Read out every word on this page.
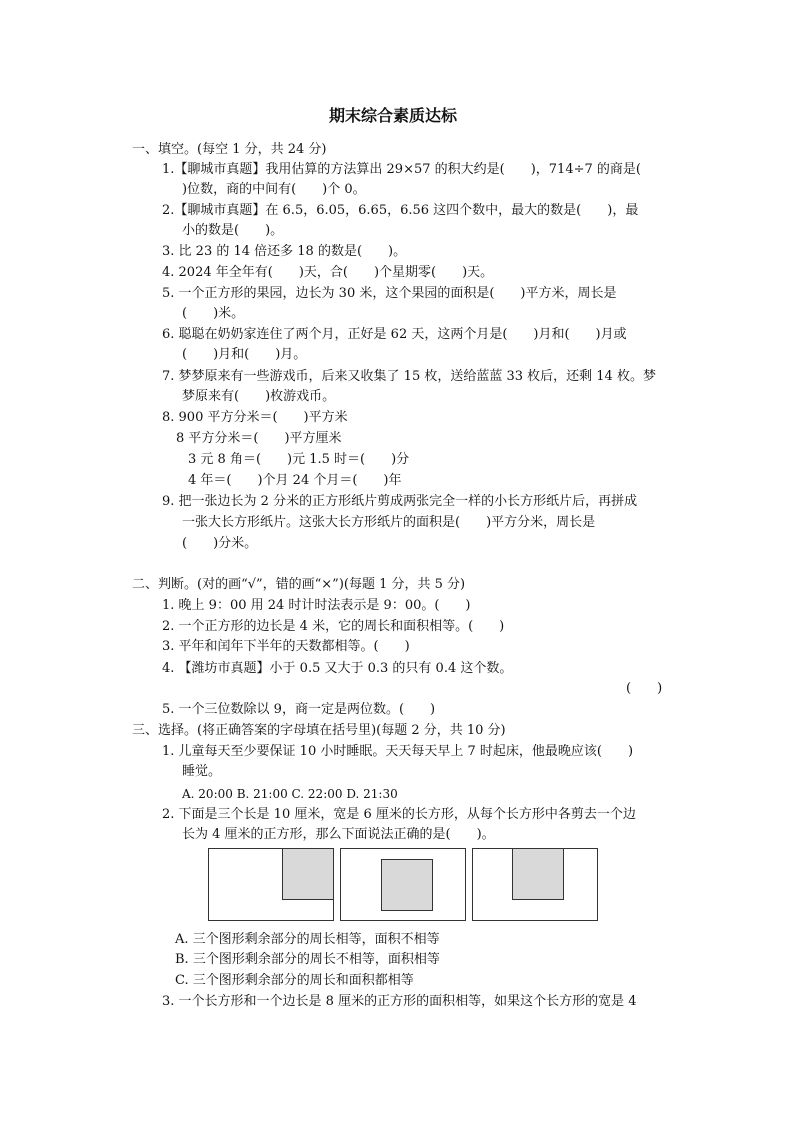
期末综合素质达标
一、填空。(每空 1 分，共 24 分)
1.【聊城市真题】我用估算的方法算出 29×57 的积大约是(　　)，714÷7 的商是(
)位数，商的中间有(　　)个 0。
2.【聊城市真题】在 6.5，6.05，6.65，6.56 这四个数中，最大的数是(　　)，最
小的数是(　　)。
3. 比 23 的 14 倍还多 18 的数是(　　)。
4. 2024 年全年有(　　)天，合(　　)个星期零(　　)天。
5. 一个正方形的果园，边长为 30 米，这个果园的面积是(　　)平方米，周长是
(　　)米。
6. 聪聪在奶奶家连住了两个月，正好是 62 天，这两个月是(　　)月和(　　)月或
(　　)月和(　　)月。
7. 梦梦原来有一些游戏币，后来又收集了 15 枚，送给蓝蓝 33 枚后，还剩 14 枚。梦
梦原来有(　　)枚游戏币。
8. 900 平方分米＝(　　)平方米
8 平方分米＝(　　)平方厘米
3 元 8 角＝(　　)元 1.5 时＝(　　)分
4 年＝(　　)个月 24 个月＝(　　)年
9. 把一张边长为 2 分米的正方形纸片剪成两张完全一样的小长方形纸片后，再拼成
一张大长方形纸片。这张大长方形纸片的面积是(　　)平方分米，周长是
(　　)分米。
二、判断。(对的画“√”，错的画“×”)(每题 1 分，共 5 分)
1. 晚上 9：00 用 24 时计时法表示是 9：00。(　　)
2. 一个正方形的边长是 4 米，它的周长和面积相等。(　　)
3. 平年和闰年下半年的天数都相等。(　　)
4. 【潍坊市真题】小于 0.5 又大于 0.3 的只有 0.4 这个数。
(　　)
5. 一个三位数除以 9，商一定是两位数。(　　)
三、选择。(将正确答案的字母填在括号里)(每题 2 分，共 10 分)
1. 儿童每天至少要保证 10 小时睡眠。天天每天早上 7 时起床，他最晚应该(　　)
睡觉。
A. 20:00 B. 21:00 C. 22:00 D. 21:30
2. 下面是三个长是 10 厘米，宽是 6 厘米的长方形，从每个长方形中各剪去一个边
长为 4 厘米的正方形，那么下面说法正确的是(　　)。
A. 三个图形剩余部分的周长相等，面积不相等
B. 三个图形剩余部分的周长不相等，面积相等
C. 三个图形剩余部分的周长和面积都相等
3. 一个长方形和一个边长是 8 厘米的正方形的面积相等，如果这个长方形的宽是 4
